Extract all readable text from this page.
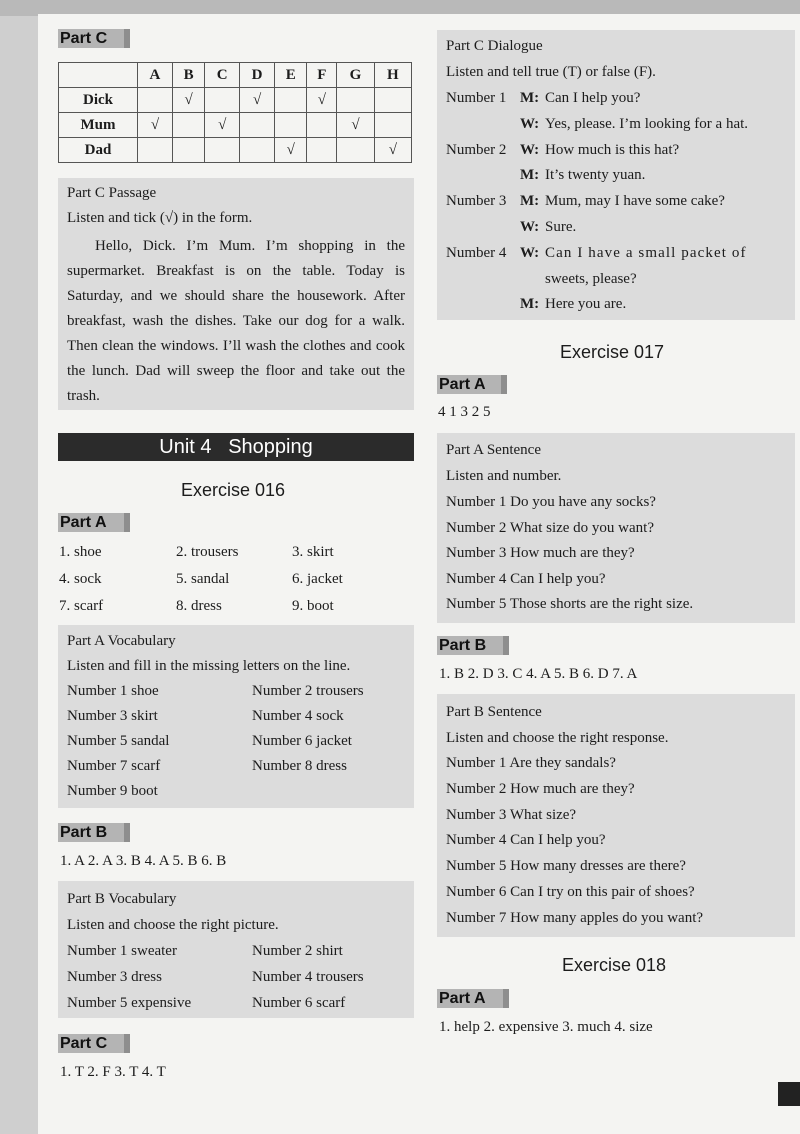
Part C
	A	B	C	D	E	F	G	H
Dick		√		√		√		
Mum	√		√				√	
Dad					√			√
Part C Passage
Listen and tick (√) in the form.
Hello, Dick. I’m Mum. I’m shopping in the supermarket. Breakfast is on the table. Today is Saturday, and we should share the housework. After breakfast, wash the dishes. Take our dog for a walk. Then clean the windows. I’ll wash the clothes and cook the lunch. Dad will sweep the floor and take out the trash.
Unit 4 Shopping
Exercise 016
Part A
1. shoe	2. trousers	3. skirt
4. sock	5. sandal	6. jacket
7. scarf	8. dress	9. boot
Part A Vocabulary
Listen and fill in the missing letters on the line.
Number 1 shoe	Number 2 trousers
Number 3 skirt	Number 4 sock
Number 5 sandal	Number 6 jacket
Number 7 scarf	Number 8 dress
Number 9 boot
Part B
1. A 2. A 3. B 4. A 5. B 6. B
Part B Vocabulary
Listen and choose the right picture.
Number 1 sweater	Number 2 shirt
Number 3 dress	Number 4 trousers
Number 5 expensive	Number 6 scarf
Part C
1. T 2. F 3. T 4. T
Part C Dialogue
Listen and tell true (T) or false (F).
Number 1 M: Can I help you?
W: Yes, please. I’m looking for a hat.
Number 2 W: How much is this hat?
M: It’s twenty yuan.
Number 3 M: Mum, may I have some cake?
W: Sure.
Number 4 W: Can I have a small packet of
sweets, please?
M: Here you are.
Exercise 017
Part A
4 1 3 2 5
Part A Sentence
Listen and number.
Number 1 Do you have any socks?
Number 2 What size do you want?
Number 3 How much are they?
Number 4 Can I help you?
Number 5 Those shorts are the right size.
Part B
1. B 2. D 3. C 4. A 5. B 6. D 7. A
Part B Sentence
Listen and choose the right response.
Number 1 Are they sandals?
Number 2 How much are they?
Number 3 What size?
Number 4 Can I help you?
Number 5 How many dresses are there?
Number 6 Can I try on this pair of shoes?
Number 7 How many apples do you want?
Exercise 018
Part A
1. help 2. expensive 3. much 4. size
